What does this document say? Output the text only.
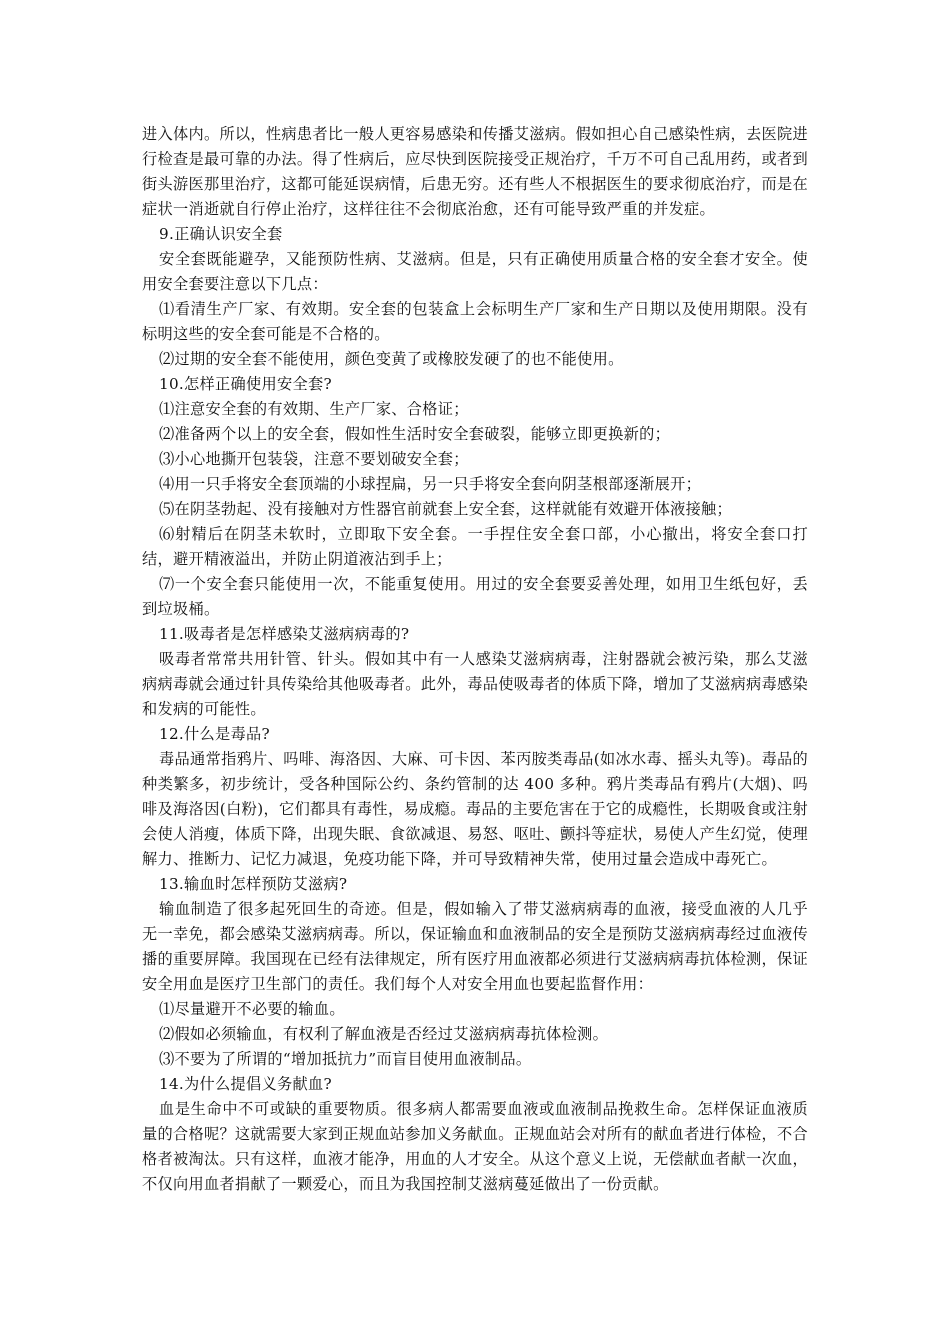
进入体内。所以，性病患者比一般人更容易感染和传播艾滋病。假如担心自己感染性病，去医院进行检查是最可靠的办法。得了性病后，应尽快到医院接受正规治疗，千万不可自己乱用药，或者到街头游医那里治疗，这都可能延误病情，后患无穷。还有些人不根据医生的要求彻底治疗，而是在症状一消逝就自行停止治疗，这样往往不会彻底治愈，还有可能导致严重的并发症。

9.正确认识安全套

安全套既能避孕，又能预防性病、艾滋病。但是，只有正确使用质量合格的安全套才安全。使用安全套要注意以下几点：

⑴看清生产厂家、有效期。安全套的包装盒上会标明生产厂家和生产日期以及使用期限。没有标明这些的安全套可能是不合格的。

⑵过期的安全套不能使用，颜色变黄了或橡胶发硬了的也不能使用。

10.怎样正确使用安全套?

⑴注意安全套的有效期、生产厂家、合格证；

⑵准备两个以上的安全套，假如性生活时安全套破裂，能够立即更换新的；

⑶小心地撕开包装袋，注意不要划破安全套；

⑷用一只手将安全套顶端的小球捏扁，另一只手将安全套向阴茎根部逐渐展开；

⑸在阴茎勃起、没有接触对方性器官前就套上安全套，这样就能有效避开体液接触；

⑹射精后在阴茎未软时，立即取下安全套。一手捏住安全套口部，小心撤出，将安全套口打结，避开精液溢出，并防止阴道液沾到手上；

⑺一个安全套只能使用一次，不能重复使用。用过的安全套要妥善处理，如用卫生纸包好，丢到垃圾桶。

11.吸毒者是怎样感染艾滋病病毒的?

吸毒者常常共用针管、针头。假如其中有一人感染艾滋病病毒，注射器就会被污染，那么艾滋病病毒就会通过针具传染给其他吸毒者。此外，毒品使吸毒者的体质下降，增加了艾滋病病毒感染和发病的可能性。

12.什么是毒品?

毒品通常指鸦片、吗啡、海洛因、大麻、可卡因、苯丙胺类毒品(如冰水毒、摇头丸等)。毒品的种类繁多，初步统计，受各种国际公约、条约管制的达 400 多种。鸦片类毒品有鸦片(大烟)、吗啡及海洛因(白粉)，它们都具有毒性，易成瘾。毒品的主要危害在于它的成瘾性，长期吸食或注射会使人消瘦，体质下降，出现失眠、食欲减退、易怒、呕吐、颤抖等症状，易使人产生幻觉，使理解力、推断力、记忆力减退，免疫功能下降，并可导致精神失常，使用过量会造成中毒死亡。

13.输血时怎样预防艾滋病?

输血制造了很多起死回生的奇迹。但是，假如输入了带艾滋病病毒的血液，接受血液的人几乎无一幸免，都会感染艾滋病病毒。所以，保证输血和血液制品的安全是预防艾滋病病毒经过血液传播的重要屏障。我国现在已经有法律规定，所有医疗用血液都必须进行艾滋病病毒抗体检测，保证安全用血是医疗卫生部门的责任。我们每个人对安全用血也要起监督作用：

⑴尽量避开不必要的输血。

⑵假如必须输血，有权利了解血液是否经过艾滋病病毒抗体检测。

⑶不要为了所谓的“增加抵抗力”而盲目使用血液制品。

14.为什么提倡义务献血?

血是生命中不可或缺的重要物质。很多病人都需要血液或血液制品挽救生命。怎样保证血液质量的合格呢？这就需要大家到正规血站参加义务献血。正规血站会对所有的献血者进行体检，不合格者被淘汰。只有这样，血液才能净，用血的人才安全。从这个意义上说，无偿献血者献一次血，不仅向用血者捐献了一颗爱心，而且为我国控制艾滋病蔓延做出了一份贡献。
